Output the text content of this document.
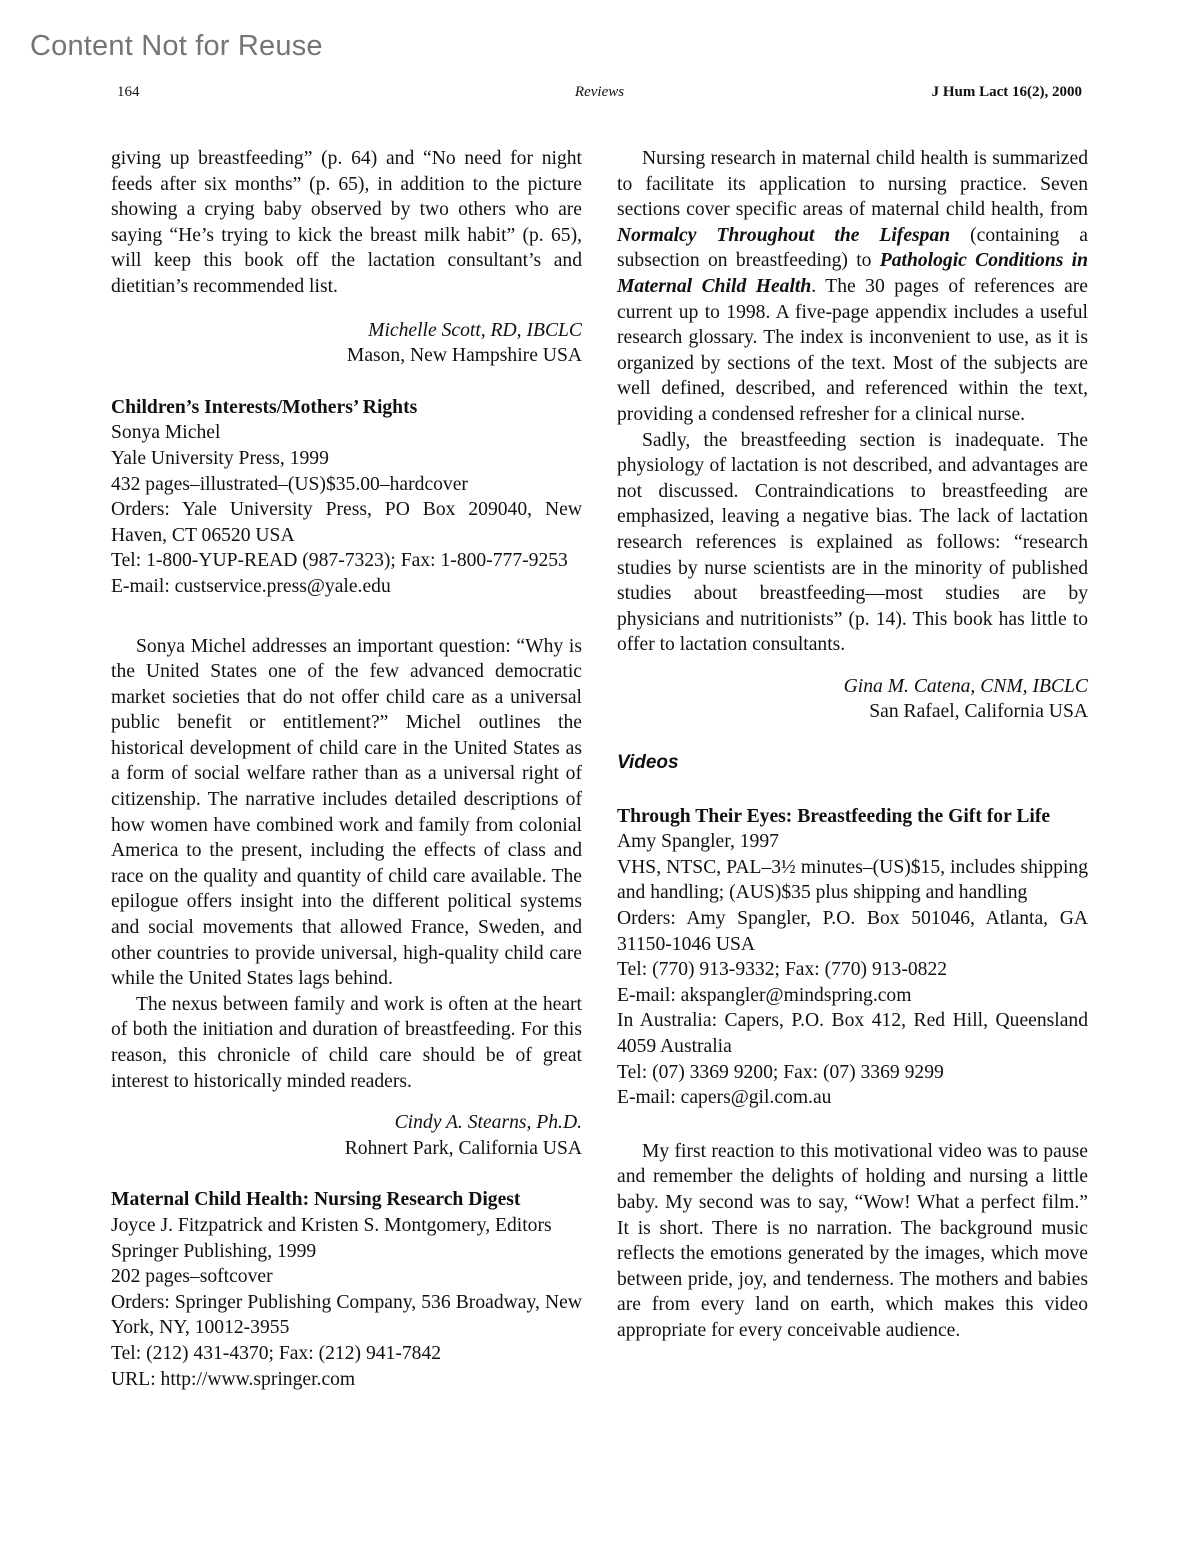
Content Not for Reuse
164	Reviews	J Hum Lact 16(2), 2000

giving up breastfeeding” (p. 64) and “No need for night feeds after six months” (p. 65), in addition to the picture showing a crying baby observed by two others who are saying “He’s trying to kick the breast milk habit” (p. 65), will keep this book off the lactation consultant’s and dietitian’s recommended list.

Michelle Scott, RD, IBCLC

Mason, New Hampshire USA

Children’s Interests/Mothers’ Rights

Sonya Michel

Yale University Press, 1999

432 pages–illustrated–(US)$35.00–hardcover

Orders: Yale University Press, PO Box 209040, New Haven, CT 06520 USA

Tel: 1-800-YUP-READ (987-7323); Fax: 1-800-777-9253

E-mail: custservice.press@yale.edu

Sonya Michel addresses an important question: “Why is the United States one of the few advanced democratic market societies that do not offer child care as a universal public benefit or entitlement?” Michel outlines the historical development of child care in the United States as a form of social welfare rather than as a universal right of citizenship. The narrative includes detailed descriptions of how women have combined work and family from colonial America to the present, including the effects of class and race on the quality and quantity of child care available. The epilogue offers insight into the different political systems and social movements that allowed France, Sweden, and other countries to provide universal, high-quality child care while the United States lags behind.

The nexus between family and work is often at the heart of both the initiation and duration of breastfeeding. For this reason, this chronicle of child care should be of great interest to historically minded readers.

Cindy A. Stearns, Ph.D.

Rohnert Park, California USA

Maternal Child Health: Nursing Research Digest

Joyce J. Fitzpatrick and Kristen S. Montgomery, Editors

Springer Publishing, 1999

202 pages–softcover

Orders: Springer Publishing Company, 536 Broadway, New York, NY, 10012-3955

Tel: (212) 431-4370; Fax: (212) 941-7842

URL: http://www.springer.com

Nursing research in maternal child health is summarized to facilitate its application to nursing practice. Seven sections cover specific areas of maternal child health, from Normalcy Throughout the Lifespan (containing a subsection on breastfeeding) to Pathologic Conditions in Maternal Child Health. The 30 pages of references are current up to 1998. A five-page appendix includes a useful research glossary. The index is inconvenient to use, as it is organized by sections of the text. Most of the subjects are well defined, described, and referenced within the text, providing a condensed refresher for a clinical nurse.

Sadly, the breastfeeding section is inadequate. The physiology of lactation is not described, and advantages are not discussed. Contraindications to breastfeeding are emphasized, leaving a negative bias. The lack of lactation research references is explained as follows: “research studies by nurse scientists are in the minority of published studies about breastfeeding—most studies are by physicians and nutritionists” (p. 14). This book has little to offer to lactation consultants.

Gina M. Catena, CNM, IBCLC

San Rafael, California USA

Videos

Through Their Eyes: Breastfeeding the Gift for Life

Amy Spangler, 1997

VHS, NTSC, PAL–3½ minutes–(US)$15, includes shipping and handling; (AUS)$35 plus shipping and handling

Orders: Amy Spangler, P.O. Box 501046, Atlanta, GA 31150-1046 USA

Tel: (770) 913-9332; Fax: (770) 913-0822

E-mail: akspangler@mindspring.com

In Australia: Capers, P.O. Box 412, Red Hill, Queensland 4059 Australia

Tel: (07) 3369 9200; Fax: (07) 3369 9299

E-mail: capers@gil.com.au

My first reaction to this motivational video was to pause and remember the delights of holding and nursing a little baby. My second was to say, “Wow! What a perfect film.” It is short. There is no narration. The background music reflects the emotions generated by the images, which move between pride, joy, and tenderness. The mothers and babies are from every land on earth, which makes this video appropriate for every conceivable audience.
